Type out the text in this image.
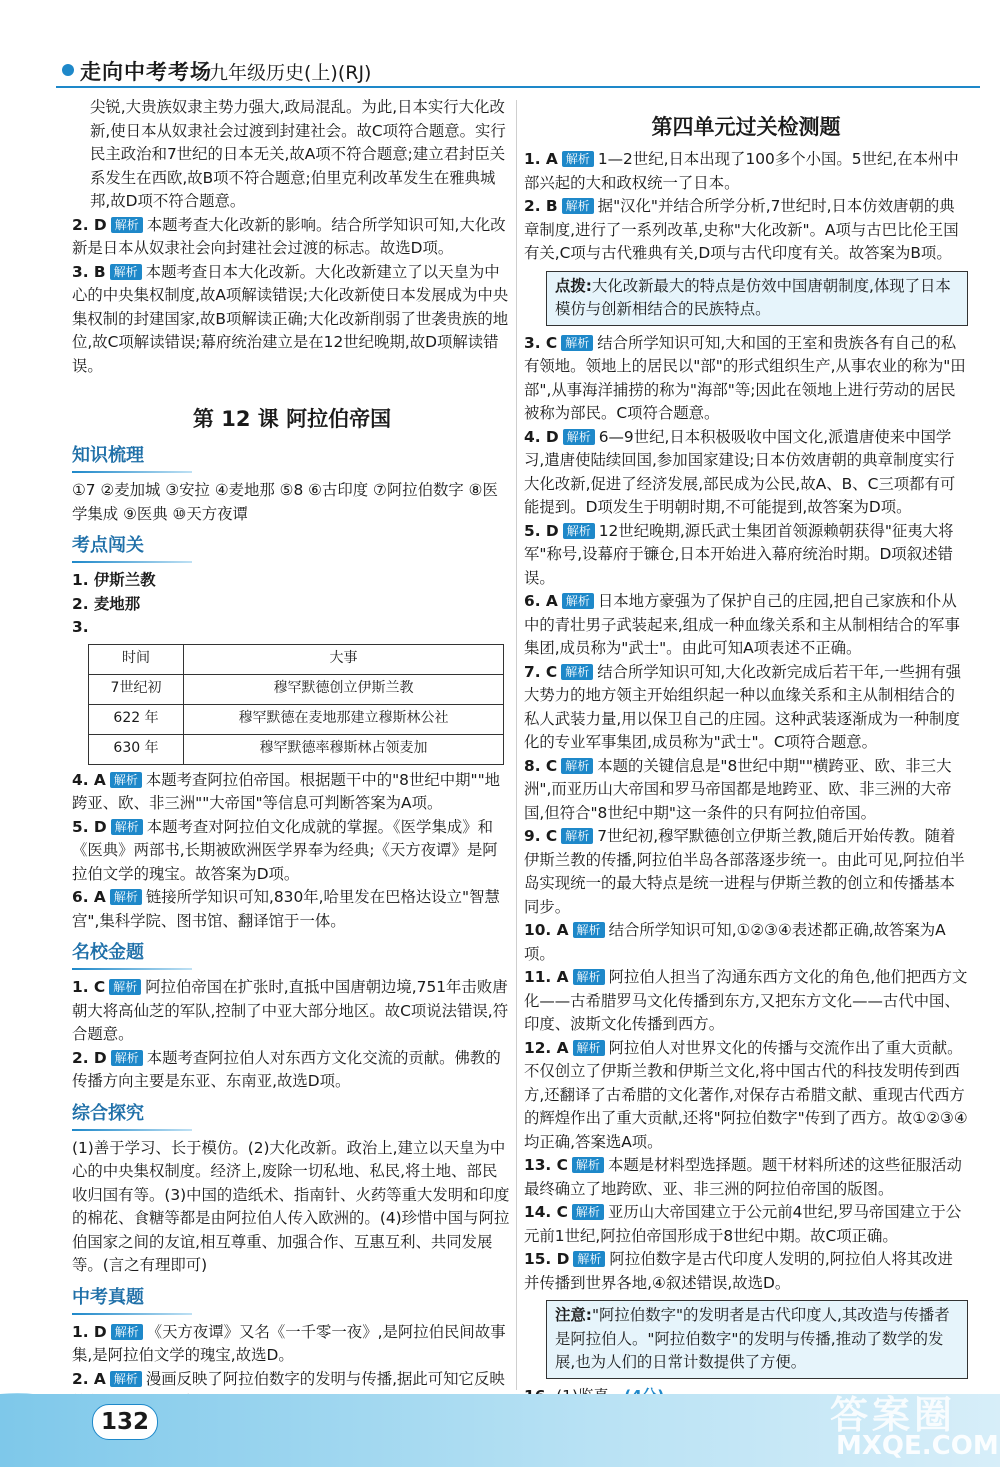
走向中考考场
九年级历史(上)(RJ)

尖锐,大贵族奴隶主势力强大,政局混乱。为此,日本实行大化改新,使日本从奴隶社会过渡到封建社会。故C项符合题意。实行民主政治和7世纪的日本无关,故A项不符合题意;建立君封臣关系发生在西欧,故B项不符合题意;伯里克利改革发生在雅典城邦,故D项不符合题意。

2. D 解析 本题考查大化改新的影响。结合所学知识可知,大化改新是日本从奴隶社会向封建社会过渡的标志。故选D项。

3. B 解析 本题考查日本大化改新。大化改新建立了以天皇为中心的中央集权制度,故A项解读错误;大化改新使日本发展成为中央集权制的封建国家,故B项解读正确;大化改新削弱了世袭贵族的地位,故C项解读错误;幕府统治建立是在12世纪晚期,故D项解读错误。

第 12 课 阿拉伯帝国
知识梳理

①7 ②麦加城 ③安拉 ④麦地那 ⑤8 ⑥古印度 ⑦阿拉伯数字 ⑧医学集成 ⑨医典 ⑩天方夜谭

考点闯关

1. 伊斯兰教

2. 麦地那

3.

时间	大事
7世纪初	穆罕默德创立伊斯兰教
622 年	穆罕默德在麦地那建立穆斯林公社
630 年	穆罕默德率穆斯林占领麦加

4. A 解析 本题考查阿拉伯帝国。根据题干中的"8世纪中期""地跨亚、欧、非三洲""大帝国"等信息可判断答案为A项。

5. D 解析 本题考查对阿拉伯文化成就的掌握。《医学集成》和《医典》两部书,长期被欧洲医学界奉为经典;《天方夜谭》是阿拉伯文学的瑰宝。故答案为D项。

6. A 解析 链接所学知识可知,830年,哈里发在巴格达设立"智慧宫",集科学院、图书馆、翻译馆于一体。

名校金题

1. C 解析 阿拉伯帝国在扩张时,直抵中国唐朝边境,751年击败唐朝大将高仙芝的军队,控制了中亚大部分地区。故C项说法错误,符合题意。

2. D 解析 本题考查阿拉伯人对东西方文化交流的贡献。佛教的传播方向主要是东亚、东南亚,故选D项。

综合探究

(1)善于学习、长于模仿。(2)大化改新。政治上,建立以天皇为中心的中央集权制度。经济上,废除一切私地、私民,将土地、部民收归国有等。(3)中国的造纸术、指南针、火药等重大发明和印度的棉花、食糖等都是由阿拉伯人传入欧洲的。(4)珍惜中国与阿拉伯国家之间的友谊,相互尊重、加强合作、互惠互利、共同发展等。(言之有理即可)

中考真题

1. D 解析 《天方夜谭》又名《一千零一夜》,是阿拉伯民间故事集,是阿拉伯文学的瑰宝,故选D。

2. A 解析 漫画反映了阿拉伯数字的发明与传播,据此可知它反映

第四单元过关检测题

1. A 解析 1—2世纪,日本出现了100多个小国。5世纪,在本州中部兴起的大和政权统一了日本。

2. B 解析 据"汉化"并结合所学分析,7世纪时,日本仿效唐朝的典章制度,进行了一系列改革,史称"大化改新"。A项与古巴比伦王国有关,C项与古代雅典有关,D项与古代印度有关。故答案为B项。

点拨:大化改新最大的特点是仿效中国唐朝制度,体现了日本模仿与创新相结合的民族特点。

3. C 解析 结合所学知识可知,大和国的王室和贵族各有自己的私有领地。领地上的居民以"部"的形式组织生产,从事农业的称为"田部",从事海洋捕捞的称为"海部"等;因此在领地上进行劳动的居民被称为部民。C项符合题意。

4. D 解析 6—9世纪,日本积极吸收中国文化,派遣唐使来中国学习,遣唐使陆续回国,参加国家建设;日本仿效唐朝的典章制度实行大化改新,促进了经济发展,部民成为公民,故A、B、C三项都有可能提到。D项发生于明朝时期,不可能提到,故答案为D项。

5. D 解析 12世纪晚期,源氏武士集团首领源赖朝获得"征夷大将军"称号,设幕府于镰仓,日本开始进入幕府统治时期。D项叙述错误。

6. A 解析 日本地方豪强为了保护自己的庄园,把自己家族和仆从中的青壮男子武装起来,组成一种血缘关系和主从制相结合的军事集团,成员称为"武士"。由此可知A项表述不正确。

7. C 解析 结合所学知识可知,大化改新完成后若干年,一些拥有强大势力的地方领主开始组织起一种以血缘关系和主从制相结合的私人武装力量,用以保卫自己的庄园。这种武装逐渐成为一种制度化的专业军事集团,成员称为"武士"。C项符合题意。

8. C 解析 本题的关键信息是"8世纪中期""横跨亚、欧、非三大洲",而亚历山大帝国和罗马帝国都是地跨亚、欧、非三洲的大帝国,但符合"8世纪中期"这一条件的只有阿拉伯帝国。

9. C 解析 7世纪初,穆罕默德创立伊斯兰教,随后开始传教。随着伊斯兰教的传播,阿拉伯半岛各部落逐步统一。由此可见,阿拉伯半岛实现统一的最大特点是统一进程与伊斯兰教的创立和传播基本同步。

10. A 解析 结合所学知识可知,①②③④表述都正确,故答案为A项。

11. A 解析 阿拉伯人担当了沟通东西方文化的角色,他们把西方文化——古希腊罗马文化传播到东方,又把东方文化——古代中国、印度、波斯文化传播到西方。

12. A 解析 阿拉伯人对世界文化的传播与交流作出了重大贡献。不仅创立了伊斯兰教和伊斯兰文化,将中国古代的科技发明传到西方,还翻译了古希腊的文化著作,对保存古希腊文献、重现古代西方的辉煌作出了重大贡献,还将"阿拉伯数字"传到了西方。故①②③④均正确,答案选A项。

13. C 解析 本题是材料型选择题。题干材料所述的这些征服活动最终确立了地跨欧、亚、非三洲的阿拉伯帝国的版图。

14. C 解析 亚历山大帝国建立于公元前4世纪,罗马帝国建立于公元前1世纪,阿拉伯帝国形成于8世纪中期。故C项正确。

15. D 解析 阿拉伯数字是古代印度人发明的,阿拉伯人将其改进并传播到世界各地,④叙述错误,故选D。

注意:"阿拉伯数字"的发明者是古代印度人,其改造与传播者是阿拉伯人。"阿拉伯数字"的发明与传播,推动了数学的发展,也为人们的日常计数提供了方便。

132	答案圈
MXQE.COM
